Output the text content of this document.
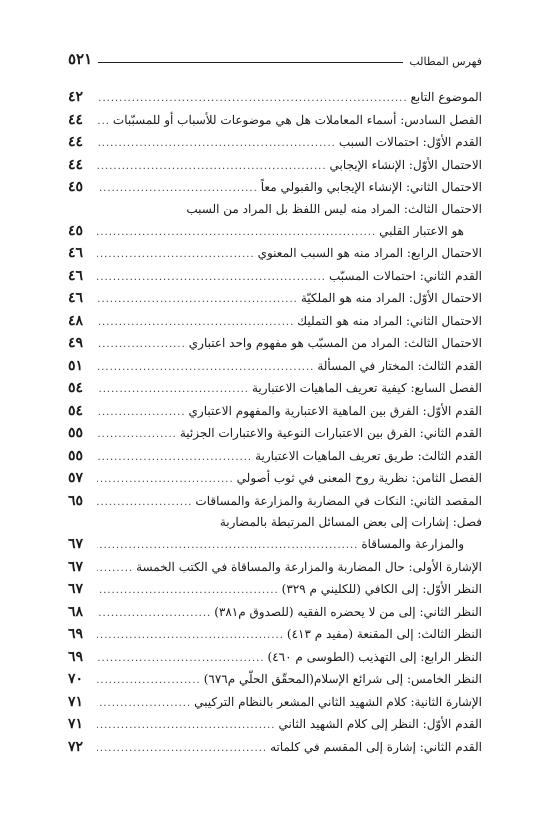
فهرس المطالب
٥٢١
الموضوع التابع
.....
٤٢
الفصل السادس: أسماء المعاملات هل هي موضوعات للأسباب أو للمسبّبات
.....
٤٤
القدم الأوّل: احتمالات السبب
.....
٤٤
الاحتمال الأوّل: الإنشاء الإيجابي
.....
٤٤
الاحتمال الثاني: الإنشاء الإيجابي والقبولي معاً
.....
٤٥
الاحتمال الثالث: المراد منه ليس اللفظ بل المراد من السبب
هو الاعتبار القلبي
.....
٤٥
الاحتمال الرابع: المراد منه هو السبب المعنوي
.....
٤٦
القدم الثاني: احتمالات المسبّب
.....
٤٦
الاحتمال الأوّل: المراد منه هو الملكيّة
.....
٤٦
الاحتمال الثاني: المراد منه هو التمليك
.....
٤٨
الاحتمال الثالث: المراد من المسبّب هو مفهوم واحد اعتباري
.....
٤٩
القدم الثالث: المختار في المسألة
.....
٥١
الفصل السابع: كيفية تعريف الماهيات الاعتبارية
.....
٥٤
القدم الأوّل: الفرق بين الماهية الاعتبارية والمفهوم الاعتباري
.....
٥٤
القدم الثاني: الفرق بين الاعتبارات النوعية والاعتبارات الجزئية
.....
٥٥
القدم الثالث: طريق تعريف الماهيات الاعتبارية
.....
٥٥
الفصل الثامن: نظرية روح المعنى في ثوب أصولي
.....
٥٧
المقصد الثاني: النكات في المضاربة والمزارعة والمساقات
.....
٦٥
فصل: إشارات إلى بعض المسائل المرتبطة بالمضاربة
والمزارعة والمساقاة
.....
٦٧
الإشارة الأولى: حال المضاربة والمزارعة والمساقاة في الكتب الخمسة
.....
٦٧
النظر الأوّل: إلى الكافي (للكليني م ٣٢٩)
.....
٦٧
النظر الثاني: إلى من لا يحضره الفقيه (للصدوق م٣٨١)
.....
٦٨
النظر الثالث: إلى المقنعة (مفيد م ٤١٣)
.....
٦٩
النظر الرابع: إلى التهذيب (الطوسى م ٤٦٠)
.....
٦٩
النظر الخامس: إلى شرائع الإسلام(المحقّق الحلّي م٦٧٦)
.....
٧٠
الإشارة الثانية: كلام الشهيد الثاني المشعر بالنظام التركيبي
.....
٧١
القدم الأوّل: النظر إلى كلام الشهيد الثاني
.....
٧١
القدم الثاني: إشارة إلى المقسم في كلماته
.....
٧٢
